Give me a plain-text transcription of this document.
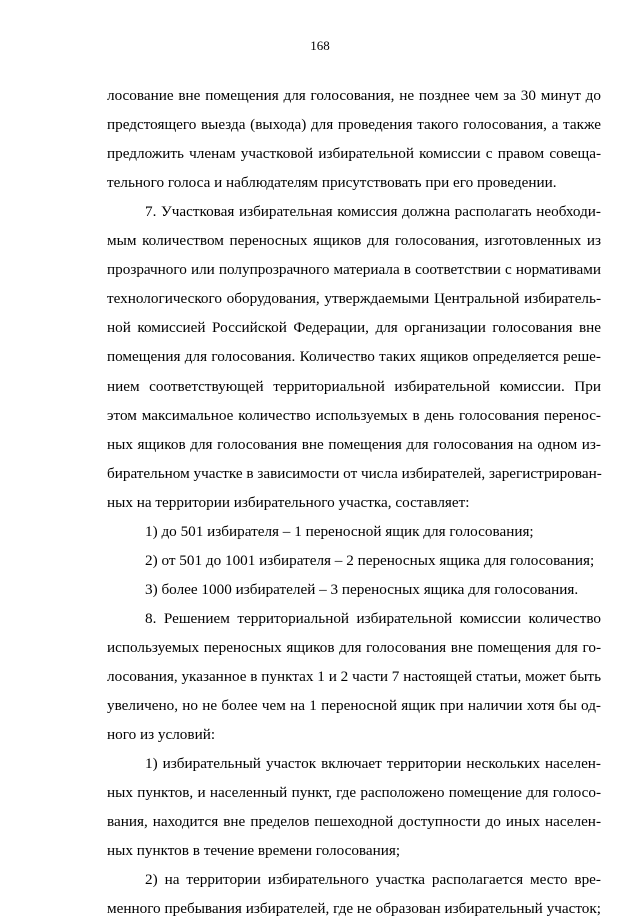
168
лосование вне помещения для голосования, не позднее чем за 30 минут до
предстоящего выезда (выхода) для проведения такого голосования, а также
предложить членам участковой избирательной комиссии с правом совеща-
тельного голоса и наблюдателям присутствовать при его проведении.
7. Участковая избирательная комиссия должна располагать необходи-
мым количеством переносных ящиков для голосования, изготовленных из
прозрачного или полупрозрачного материала в соответствии с нормативами
технологического оборудования, утверждаемыми Центральной избиратель-
ной комиссией Российской Федерации, для организации голосования вне
помещения для голосования. Количество таких ящиков определяется реше-
нием соответствующей территориальной избирательной комиссии. При
этом максимальное количество используемых в день голосования перенос-
ных ящиков для голосования вне помещения для голосования на одном из-
бирательном участке в зависимости от числа избирателей, зарегистрирован-
ных на территории избирательного участка, составляет:
1) до 501 избирателя – 1 переносной ящик для голосования;
2) от 501 до 1001 избирателя – 2 переносных ящика для голосования;
3) более 1000 избирателей – 3 переносных ящика для голосования.
8. Решением территориальной избирательной комиссии количество
используемых переносных ящиков для голосования вне помещения для го-
лосования, указанное в пунктах 1 и 2 части 7 настоящей статьи, может быть
увеличено, но не более чем на 1 переносной ящик при наличии хотя бы од-
ного из условий:
1) избирательный участок включает территории нескольких населен-
ных пунктов, и населенный пункт, где расположено помещение для голосо-
вания, находится вне пределов пешеходной доступности до иных населен-
ных пунктов в течение времени голосования;
2) на территории избирательного участка располагается место вре-
менного пребывания избирателей, где не образован избирательный участок;
